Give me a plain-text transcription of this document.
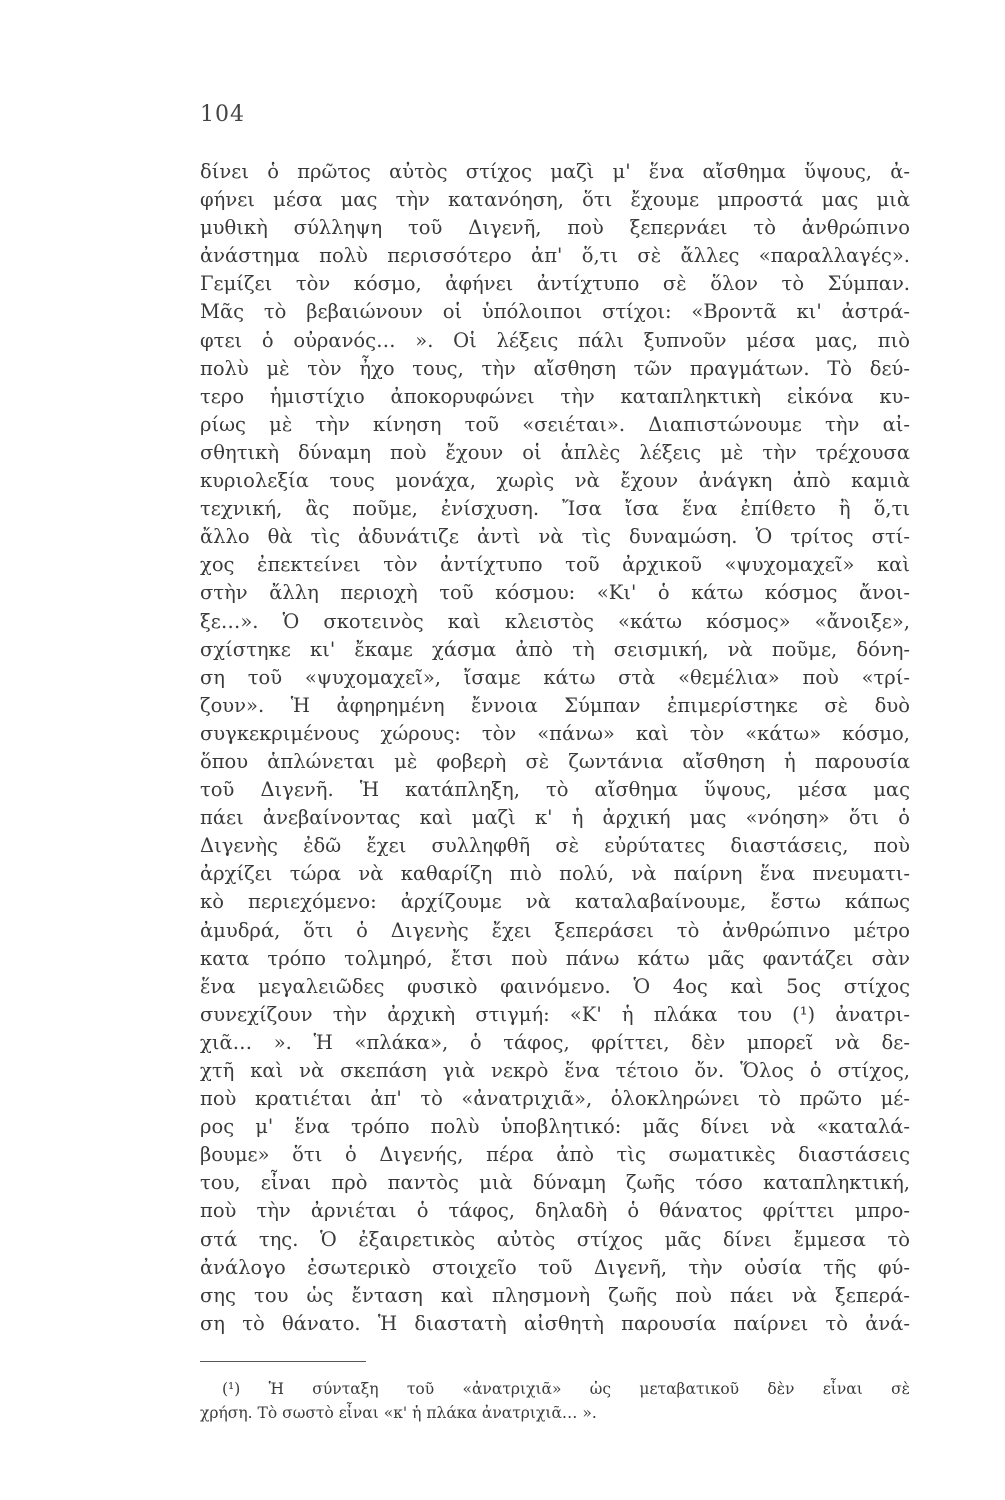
104
δίνει ὁ πρῶτος αὐτὸς στίχος μαζὶ μ' ἕνα αἴσθημα ὕψους, ἀ-
φήνει μέσα μας τὴν κατανόηση, ὅτι ἔχουμε μπροστά μας μιὰ
μυθικὴ σύλληψη τοῦ Διγενῆ, ποὺ ξεπερνάει τὸ ἀνθρώπινο
ἀνάστημα πολὺ περισσότερο ἀπ' ὅ,τι σὲ ἄλλες «παραλλαγές».
Γεμίζει τὸν κόσμο, ἀφήνει ἀντίχτυπο σὲ ὅλον τὸ Σύμπαν.
Μᾶς τὸ βεβαιώνουν οἱ ὑπόλοιποι στίχοι: «Βροντᾶ κι' ἀστρά-
φτει ὁ οὐρανός… ». Οἱ λέξεις πάλι ξυπνοῦν μέσα μας, πιὸ
πολὺ μὲ τὸν ἦχο τους, τὴν αἴσθηση τῶν πραγμάτων. Τὸ δεύ-
τερο ἡμιστίχιο ἀποκορυφώνει τὴν καταπληκτικὴ εἰκόνα κυ-
ρίως μὲ τὴν κίνηση τοῦ «σειέται». Διαπιστώνουμε τὴν αἰ-
σθητικὴ δύναμη ποὺ ἔχουν οἱ ἁπλὲς λέξεις μὲ τὴν τρέχουσα
κυριολεξία τους μονάχα, χωρὶς νὰ ἔχουν ἀνάγκη ἀπὸ καμιὰ
τεχνική, ἂς ποῦμε, ἐνίσχυση. Ἴσα ἴσα ἕνα ἐπίθετο ἢ ὅ,τι
ἄλλο θὰ τὶς ἀδυνάτιζε ἀντὶ νὰ τὶς δυναμώση. Ὁ τρίτος στί-
χος ἐπεκτείνει τὸν ἀντίχτυπο τοῦ ἀρχικοῦ «ψυχομαχεῖ» καὶ
στὴν ἄλλη περιοχὴ τοῦ κόσμου: «Κι' ὁ κάτω κόσμος ἄνοι-
ξε…». Ὁ σκοτεινὸς καὶ κλειστὸς «κάτω κόσμος» «ἄνοιξε»,
σχίστηκε κι' ἔκαμε χάσμα ἀπὸ τὴ σεισμική, νὰ ποῦμε, δόνη-
ση τοῦ «ψυχομαχεῖ», ἴσαμε κάτω στὰ «θεμέλια» ποὺ «τρί-
ζουν». Ἡ ἀφηρημένη ἔννοια Σύμπαν ἐπιμερίστηκε σὲ δυὸ
συγκεκριμένους χώρους: τὸν «πάνω» καὶ τὸν «κάτω» κόσμο,
ὅπου ἁπλώνεται μὲ φοβερὴ σὲ ζωντάνια αἴσθηση ἡ παρουσία
τοῦ Διγενῆ. Ἡ κατάπληξη, τὸ αἴσθημα ὕψους, μέσα μας
πάει ἀνεβαίνοντας καὶ μαζὶ κ' ἡ ἀρχική μας «νόηση» ὅτι ὁ
Διγενὴς ἐδῶ ἔχει συλληφθῆ σὲ εὐρύτατες διαστάσεις, ποὺ
ἀρχίζει τώρα νὰ καθαρίζη πιὸ πολύ, νὰ παίρνη ἕνα πνευματι-
κὸ περιεχόμενο: ἀρχίζουμε νὰ καταλαβαίνουμε, ἔστω κάπως
ἀμυδρά, ὅτι ὁ Διγενὴς ἔχει ξεπεράσει τὸ ἀνθρώπινο μέτρο
κατα τρόπο τολμηρό, ἔτσι ποὺ πάνω κάτω μᾶς φαντάζει σὰν
ἕνα μεγαλειῶδες φυσικὸ φαινόμενο. Ὁ 4ος καὶ 5ος στίχος
συνεχίζουν τὴν ἀρχικὴ στιγμή: «Κ' ἡ πλάκα του (¹) ἀνατρι-
χιᾶ… ». Ἡ «πλάκα», ὁ τάφος, φρίττει, δὲν μπορεῖ νὰ δε-
χτῆ καὶ νὰ σκεπάση γιὰ νεκρὸ ἕνα τέτοιο ὄν. Ὅλος ὁ στίχος,
ποὺ κρατιέται ἀπ' τὸ «ἀνατριχιᾶ», ὁλοκληρώνει τὸ πρῶτο μέ-
ρος μ' ἕνα τρόπο πολὺ ὑποβλητικό: μᾶς δίνει νὰ «καταλά-
βουμε» ὅτι ὁ Διγενής, πέρα ἀπὸ τὶς σωματικὲς διαστάσεις
του, εἶναι πρὸ παντὸς μιὰ δύναμη ζωῆς τόσο καταπληκτική,
ποὺ τὴν ἀρνιέται ὁ τάφος, δηλαδὴ ὁ θάνατος φρίττει μπρο-
στά της. Ὁ ἐξαιρετικὸς αὐτὸς στίχος μᾶς δίνει ἔμμεσα τὸ
ἀνάλογο ἐσωτερικὸ στοιχεῖο τοῦ Διγενῆ, τὴν οὐσία τῆς φύ-
σης του ὡς ἔνταση καὶ πλησμονὴ ζωῆς ποὺ πάει νὰ ξεπερά-
ση τὸ θάνατο. Ἡ διαστατὴ αἰσθητὴ παρουσία παίρνει τὸ ἀνά-
(¹) Ἡ σύνταξη τοῦ «ἀνατριχιᾶ» ὡς μεταβατικοῦ δὲν εἶναι σὲ
χρήση. Τὸ σωστὸ εἶναι «κ' ἡ πλάκα ἀνατριχιᾶ… ».
